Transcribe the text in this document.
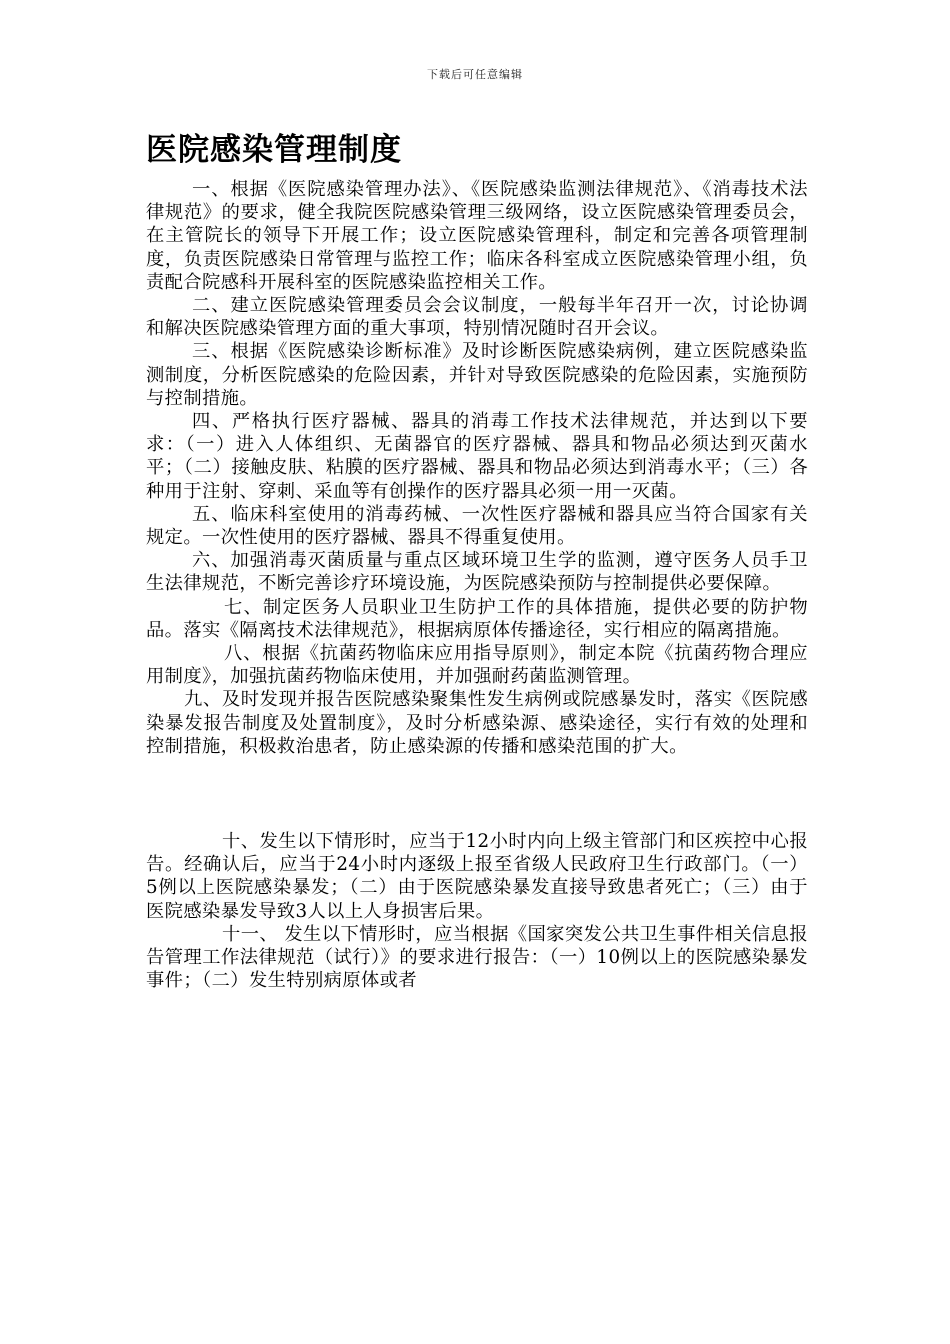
下载后可任意编辑
医院感染管理制度

一、根据《医院感染管理办法》、《医院感染监测法律规范》、《消毒技术法律规范》的要求，健全我院医院感染管理三级网络，设立医院感染管理委员会，在主管院长的领导下开展工作；设立医院感染管理科，制定和完善各项管理制度，负责医院感染日常管理与监控工作；临床各科室成立医院感染管理小组，负责配合院感科开展科室的医院感染监控相关工作。

二、建立医院感染管理委员会会议制度，一般每半年召开一次，讨论协调和解决医院感染管理方面的重大事项，特别情况随时召开会议。

三、根据《医院感染诊断标准》及时诊断医院感染病例，建立医院感染监测制度，分析医院感染的危险因素，并针对导致医院感染的危险因素，实施预防与控制措施。

四、严格执行医疗器械、器具的消毒工作技术法律规范，并达到以下要求：（一）进入人体组织、无菌器官的医疗器械、器具和物品必须达到灭菌水平；（二）接触皮肤、粘膜的医疗器械、器具和物品必须达到消毒水平；（三）各种用于注射、穿刺、采血等有创操作的医疗器具必须一用一灭菌。

五、临床科室使用的消毒药械、一次性医疗器械和器具应当符合国家有关规定。一次性使用的医疗器械、器具不得重复使用。

六、加强消毒灭菌质量与重点区域环境卫生学的监测，遵守医务人员手卫生法律规范，不断完善诊疗环境设施，为医院感染预防与控制提供必要保障。

七、制定医务人员职业卫生防护工作的具体措施，提供必要的防护物品。落实《隔离技术法律规范》，根据病原体传播途径，实行相应的隔离措施。

八、根据《抗菌药物临床应用指导原则》，制定本院《抗菌药物合理应用制度》，加强抗菌药物临床使用，并加强耐药菌监测管理。

九、及时发现并报告医院感染聚集性发生病例或院感暴发时，落实《医院感染暴发报告制度及处置制度》，及时分析感染源、感染途径，实行有效的处理和控制措施，积极救治患者，防止感染源的传播和感染范围的扩大。

十、发生以下情形时，应当于12小时内向上级主管部门和区疾控中心报告。经确认后，应当于24小时内逐级上报至省级人民政府卫生行政部门。（一）5例以上医院感染暴发；（二）由于医院感染暴发直接导致患者死亡；（三）由于医院感染暴发导致3人以上人身损害后果。

十一、 发生以下情形时，应当根据《国家突发公共卫生事件相关信息报告管理工作法律规范（试行）》的要求进行报告：（一）10例以上的医院感染暴发事件；（二）发生特别病原体或者
